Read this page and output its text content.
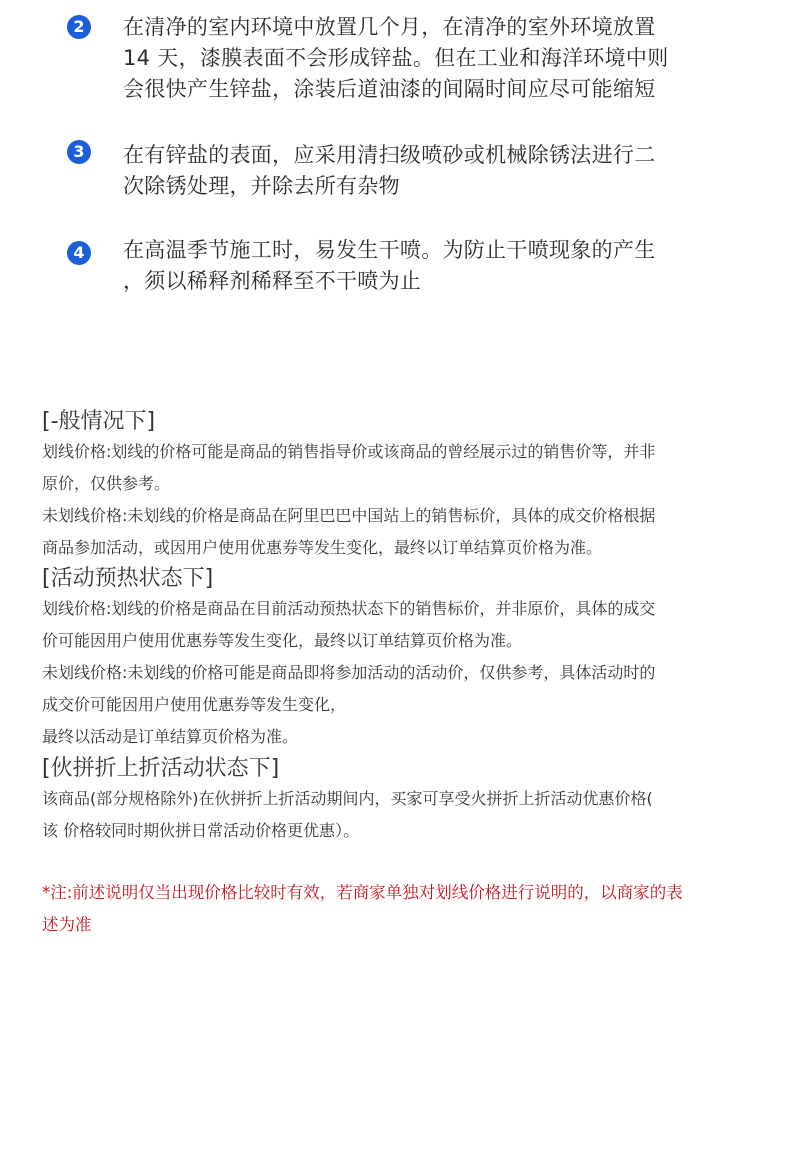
2	在清净的室内环境中放置几个月，在清净的室外环境放置
14 天，漆膜表面不会形成锌盐。但在工业和海洋环境中则
会很快产生锌盐，涂装后道油漆的间隔时间应尽可能缩短
3	在有锌盐的表面，应采用清扫级喷砂或机械除锈法进行二
次除锈处理，并除去所有杂物
4	在高温季节施工时，易发生干喷。为防止干喷现象的产生
，须以稀释剂稀释至不干喷为止
[-般情况下]
划线价格:划线的价格可能是商品的销售指导价或该商品的曾经展示过的销售价等，并非
原价，仅供参考。
未划线价格:未划线的价格是商品在阿里巴巴中国站上的销售标价，具体的成交价格根据
商品参加活动，或因用户使用优惠券等发生变化，最终以订单结算页价格为准。
[活动预热状态下]
划线价格:划线的价格是商品在目前活动预热状态下的销售标价，并非原价，具体的成交
价可能因用户使用优惠券等发生变化，最终以订单结算页价格为准。
未划线价格:未划线的价格可能是商品即将参加活动的活动价，仅供参考，具体活动时的
成交价可能因用户使用优惠券等发生变化，
最终以活动是订单结算页价格为准。
[伙拼折上折活动状态下]
该商品(部分规格除外)在伙拼折上折活动期间内，买家可享受火拼折上折活动优惠价格(
该 价格较同时期伙拼日常活动价格更优惠）。
*注:前述说明仅当出现价格比较时有效，若商家单独对划线价格进行说明的，以商家的表
述为准
